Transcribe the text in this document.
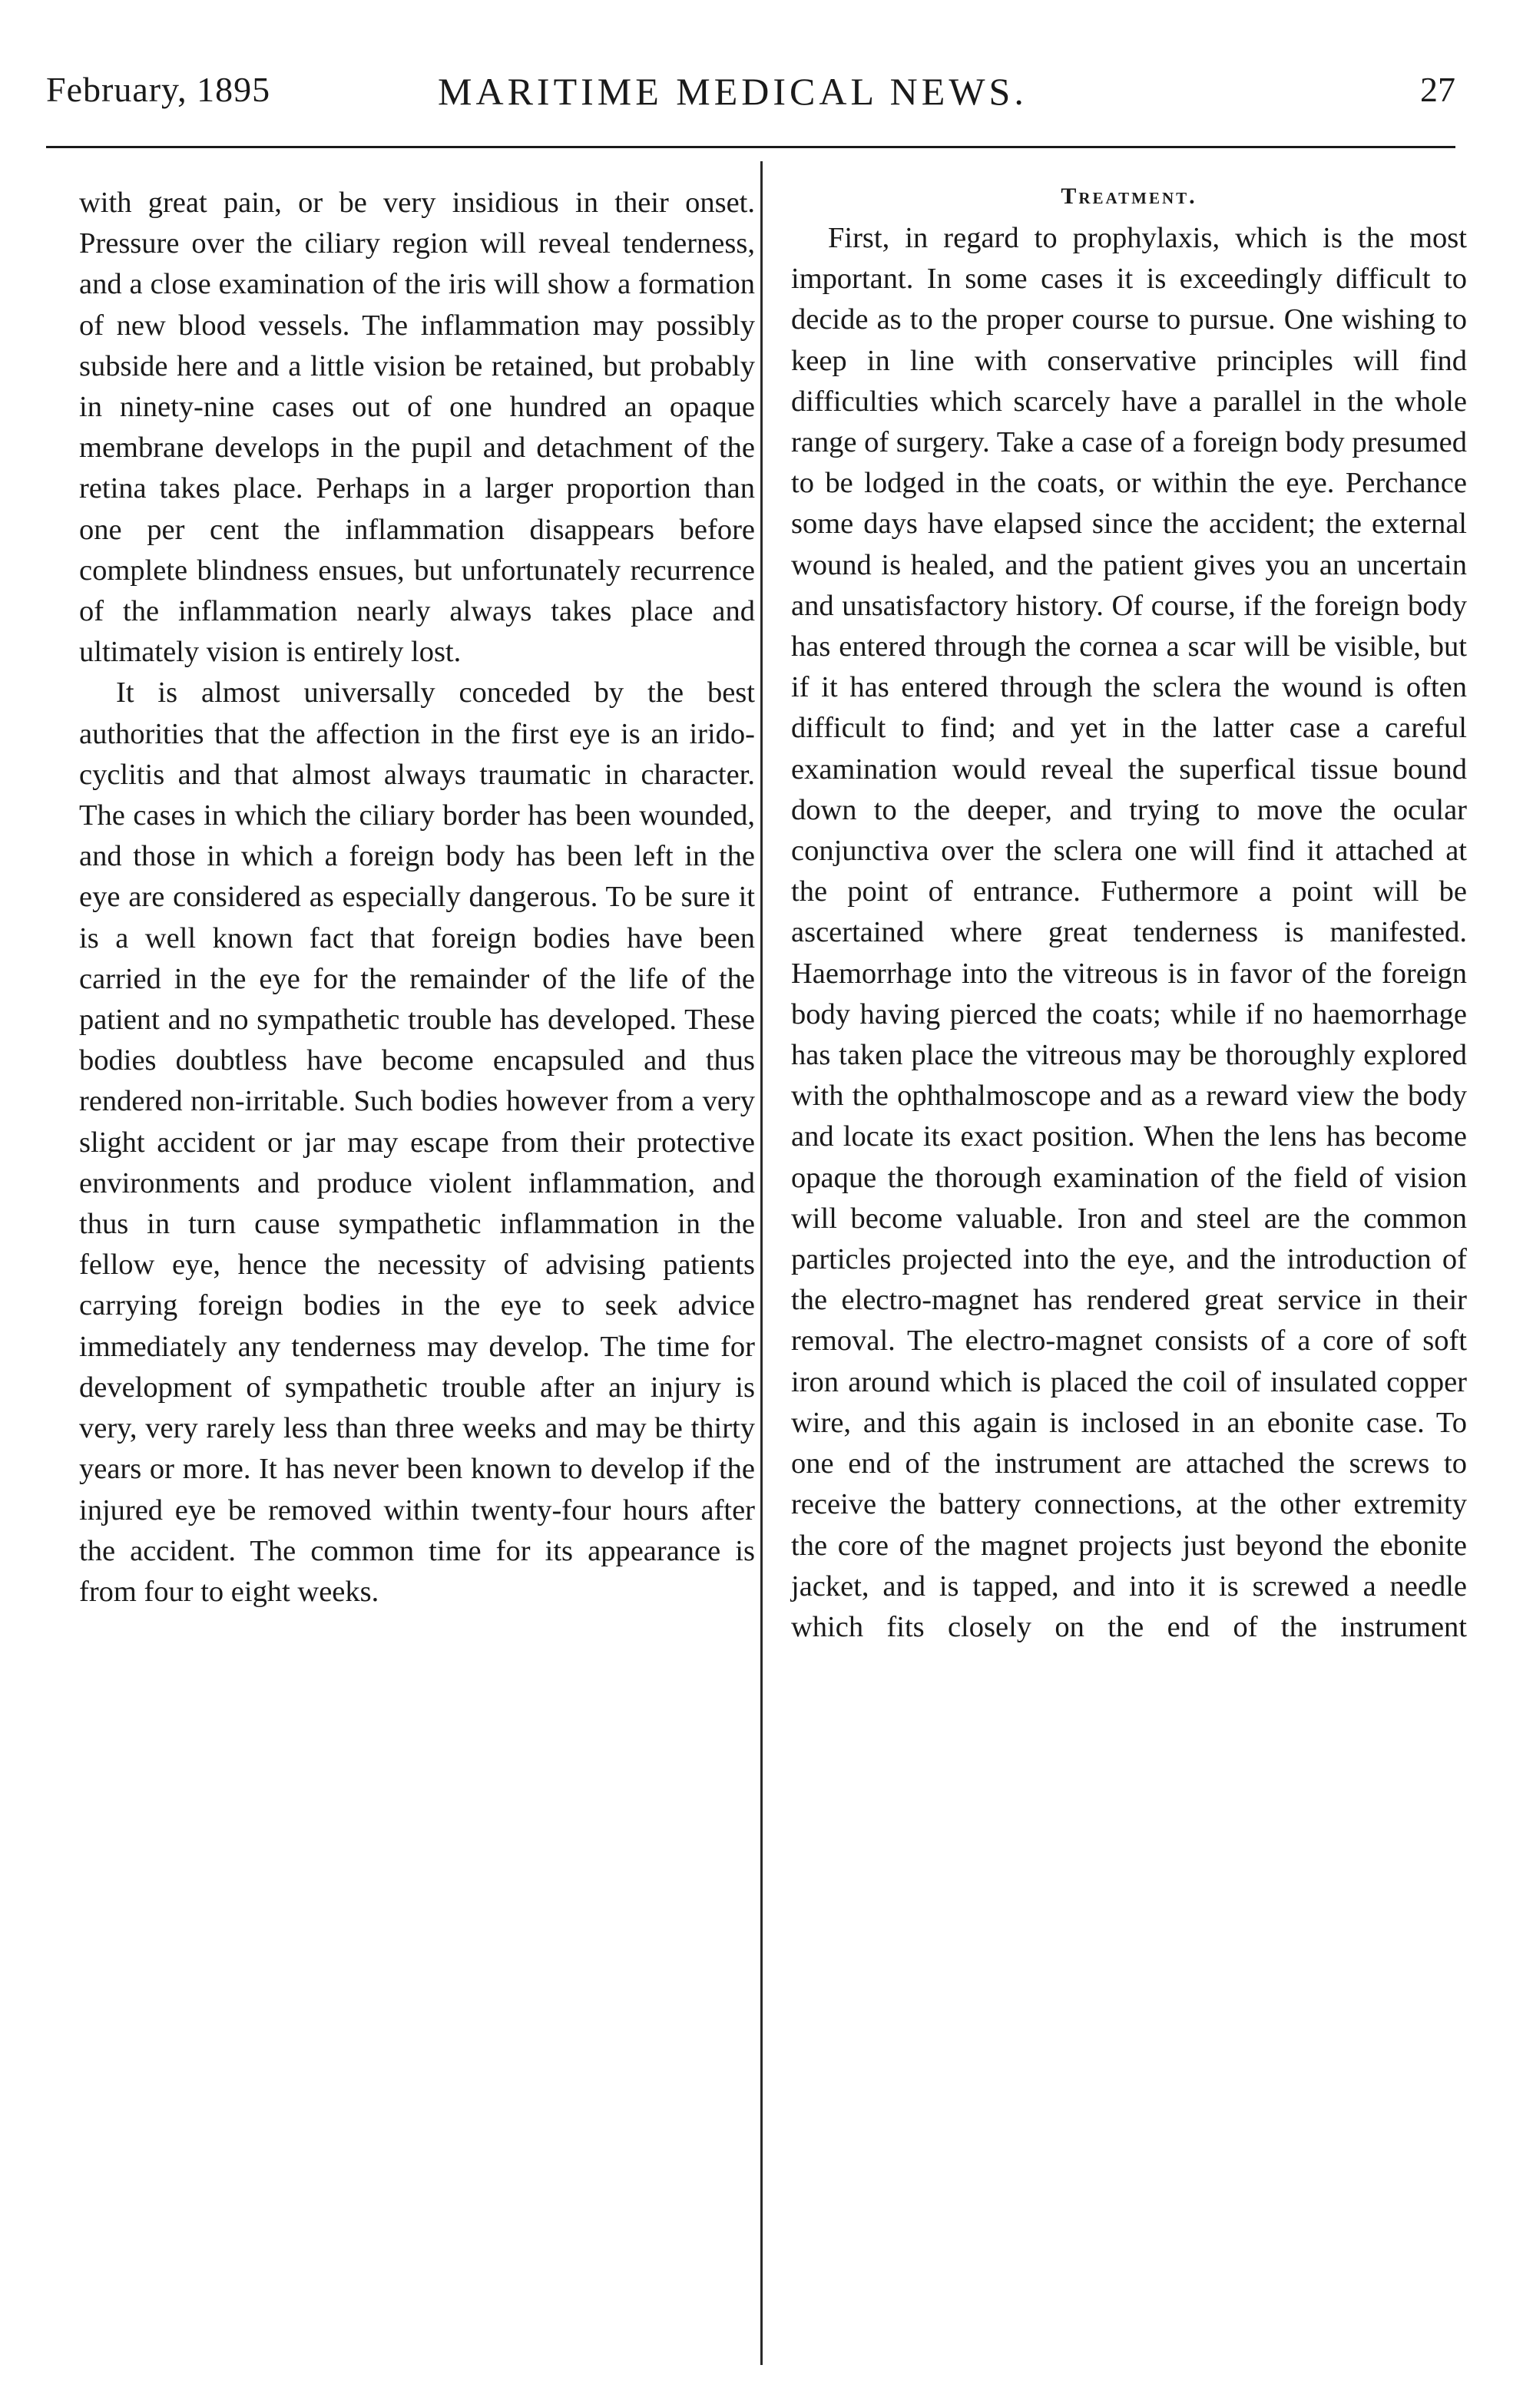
February, 1895	MARITIME MEDICAL NEWS.	27

with great pain, or be very insidious in their onset. Pressure over the ciliary region will reveal tenderness, and a close examination of the iris will show a formation of new blood vessels. The inflammation may possibly subside here and a little vision be retained, but probably in ninety-nine cases out of one hundred an opaque membrane develops in the pupil and detachment of the retina takes place. Perhaps in a larger proportion than one per cent the inflammation disappears before complete blindness ensues, but unfortunately recurrence of the inflammation nearly always takes place and ultimately vision is entirely lost.

It is almost universally conceded by the best authorities that the affection in the first eye is an irido-cyclitis and that almost always traumatic in character. The cases in which the ciliary border has been wounded, and those in which a foreign body has been left in the eye are considered as especially dangerous. To be sure it is a well known fact that foreign bodies have been carried in the eye for the remainder of the life of the patient and no sympathetic trouble has developed. These bodies doubtless have become encapsuled and thus rendered non-irritable. Such bodies however from a very slight accident or jar may escape from their protective environments and produce violent inflammation, and thus in turn cause sympathetic inflammation in the fellow eye, hence the necessity of advising patients carrying foreign bodies in the eye to seek advice immediately any tenderness may develop. The time for development of sympathetic trouble after an injury is very, very rarely less than three weeks and may be thirty years or more. It has never been known to develop if the injured eye be removed within twenty-four hours after the accident. The common time for its appearance is from four to eight weeks.

Treatment.

First, in regard to prophylaxis, which is the most important. In some cases it is exceedingly difficult to decide as to the proper course to pursue. One wishing to keep in line with conservative principles will find difficulties which scarcely have a parallel in the whole range of surgery. Take a case of a foreign body presumed to be lodged in the coats, or within the eye. Perchance some days have elapsed since the accident; the external wound is healed, and the patient gives you an uncertain and unsatisfactory history. Of course, if the foreign body has entered through the cornea a scar will be visible, but if it has entered through the sclera the wound is often difficult to find; and yet in the latter case a careful examination would reveal the superfical tissue bound down to the deeper, and trying to move the ocular conjunctiva over the sclera one will find it attached at the point of entrance. Futhermore a point will be ascertained where great tenderness is manifested. Haemorrhage into the vitreous is in favor of the foreign body having pierced the coats; while if no haemorrhage has taken place the vitreous may be thoroughly explored with the ophthalmoscope and as a reward view the body and locate its exact position. When the lens has become opaque the thorough examination of the field of vision will become valuable. Iron and steel are the common particles projected into the eye, and the introduction of the electro-magnet has rendered great service in their removal. The electro-magnet consists of a core of soft iron around which is placed the coil of insulated copper wire, and this again is inclosed in an ebonite case. To one end of the instrument are attached the screws to receive the battery connections, at the other extremity the core of the magnet projects just beyond the ebonite jacket, and is tapped, and into it is screwed a needle which fits closely on the end of the instrument
